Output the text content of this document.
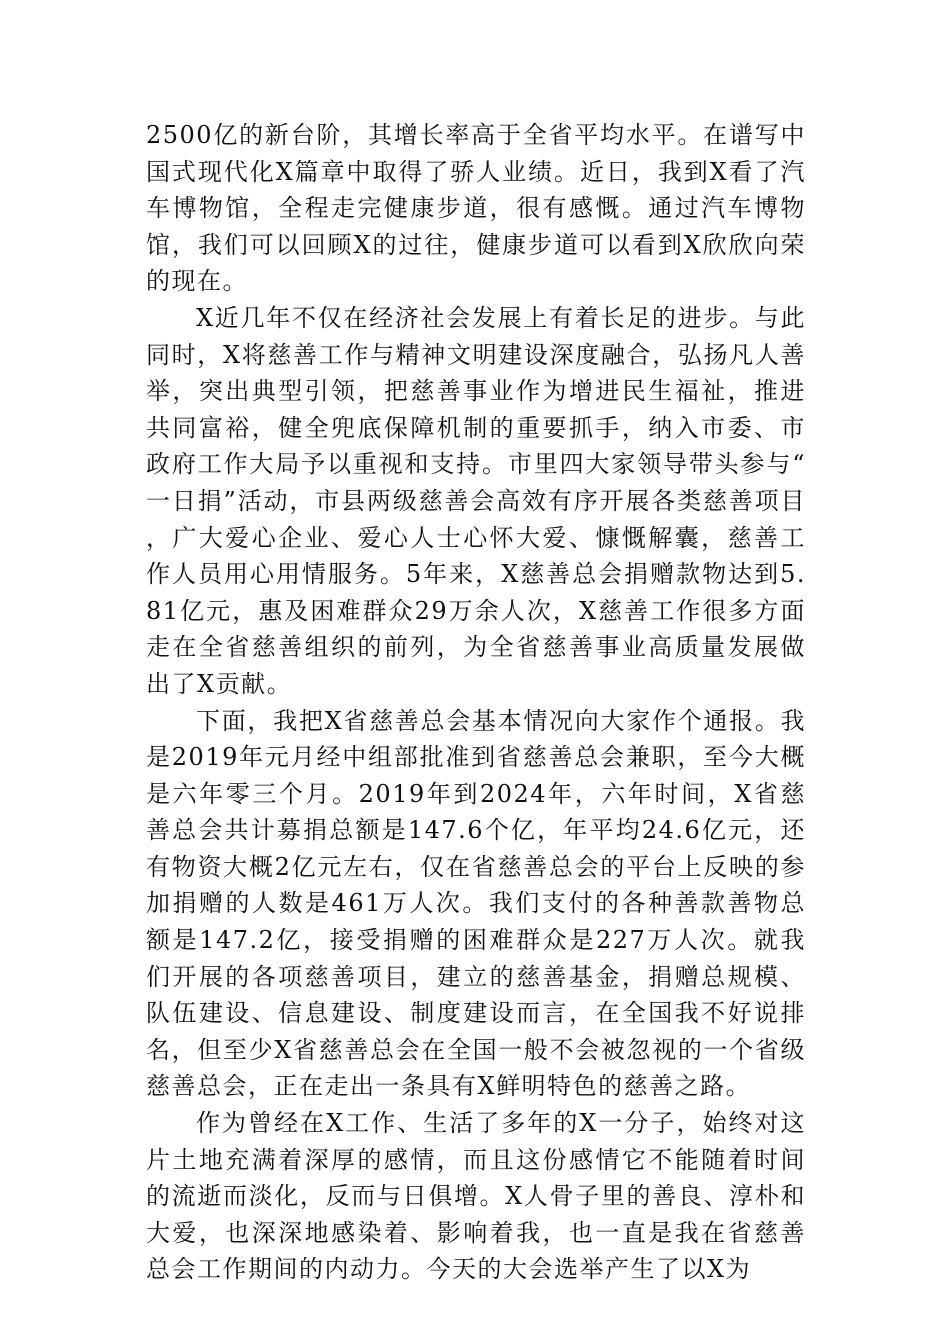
2500亿的新台阶，其增长率高于全省平均水平。在谱写中国式现代化X篇章中取得了骄人业绩。近日，我到X看了汽车博物馆，全程走完健康步道，很有感慨。通过汽车博物馆，我们可以回顾X的过往，健康步道可以看到X欣欣向荣的现在。

X近几年不仅在经济社会发展上有着长足的进步。与此同时，X将慈善工作与精神文明建设深度融合，弘扬凡人善举，突出典型引领，把慈善事业作为增进民生福祉，推进共同富裕，健全兜底保障机制的重要抓手，纳入市委、市政府工作大局予以重视和支持。市里四大家领导带头参与“一日捐”活动，市县两级慈善会高效有序开展各类慈善项目，广大爱心企业、爱心人士心怀大爱、慷慨解囊，慈善工作人员用心用情服务。5年来，X慈善总会捐赠款物达到5.81亿元，惠及困难群众29万余人次，X慈善工作很多方面走在全省慈善组织的前列，为全省慈善事业高质量发展做出了X贡献。

下面，我把X省慈善总会基本情况向大家作个通报。我是2019年元月经中组部批准到省慈善总会兼职，至今大概是六年零三个月。2019年到2024年，六年时间，X省慈善总会共计募捐总额是147.6个亿，年平均24.6亿元，还有物资大概2亿元左右，仅在省慈善总会的平台上反映的参加捐赠的人数是461万人次。我们支付的各种善款善物总额是147.2亿，接受捐赠的困难群众是227万人次。就我们开展的各项慈善项目，建立的慈善基金，捐赠总规模、队伍建设、信息建设、制度建设而言，在全国我不好说排名，但至少X省慈善总会在全国一般不会被忽视的一个省级慈善总会，正在走出一条具有X鲜明特色的慈善之路。

作为曾经在X工作、生活了多年的X一分子，始终对这片土地充满着深厚的感情，而且这份感情它不能随着时间的流逝而淡化，反而与日俱增。X人骨子里的善良、淳朴和大爱，也深深地感染着、影响着我，也一直是我在省慈善总会工作期间的内动力。今天的大会选举产生了以X为
